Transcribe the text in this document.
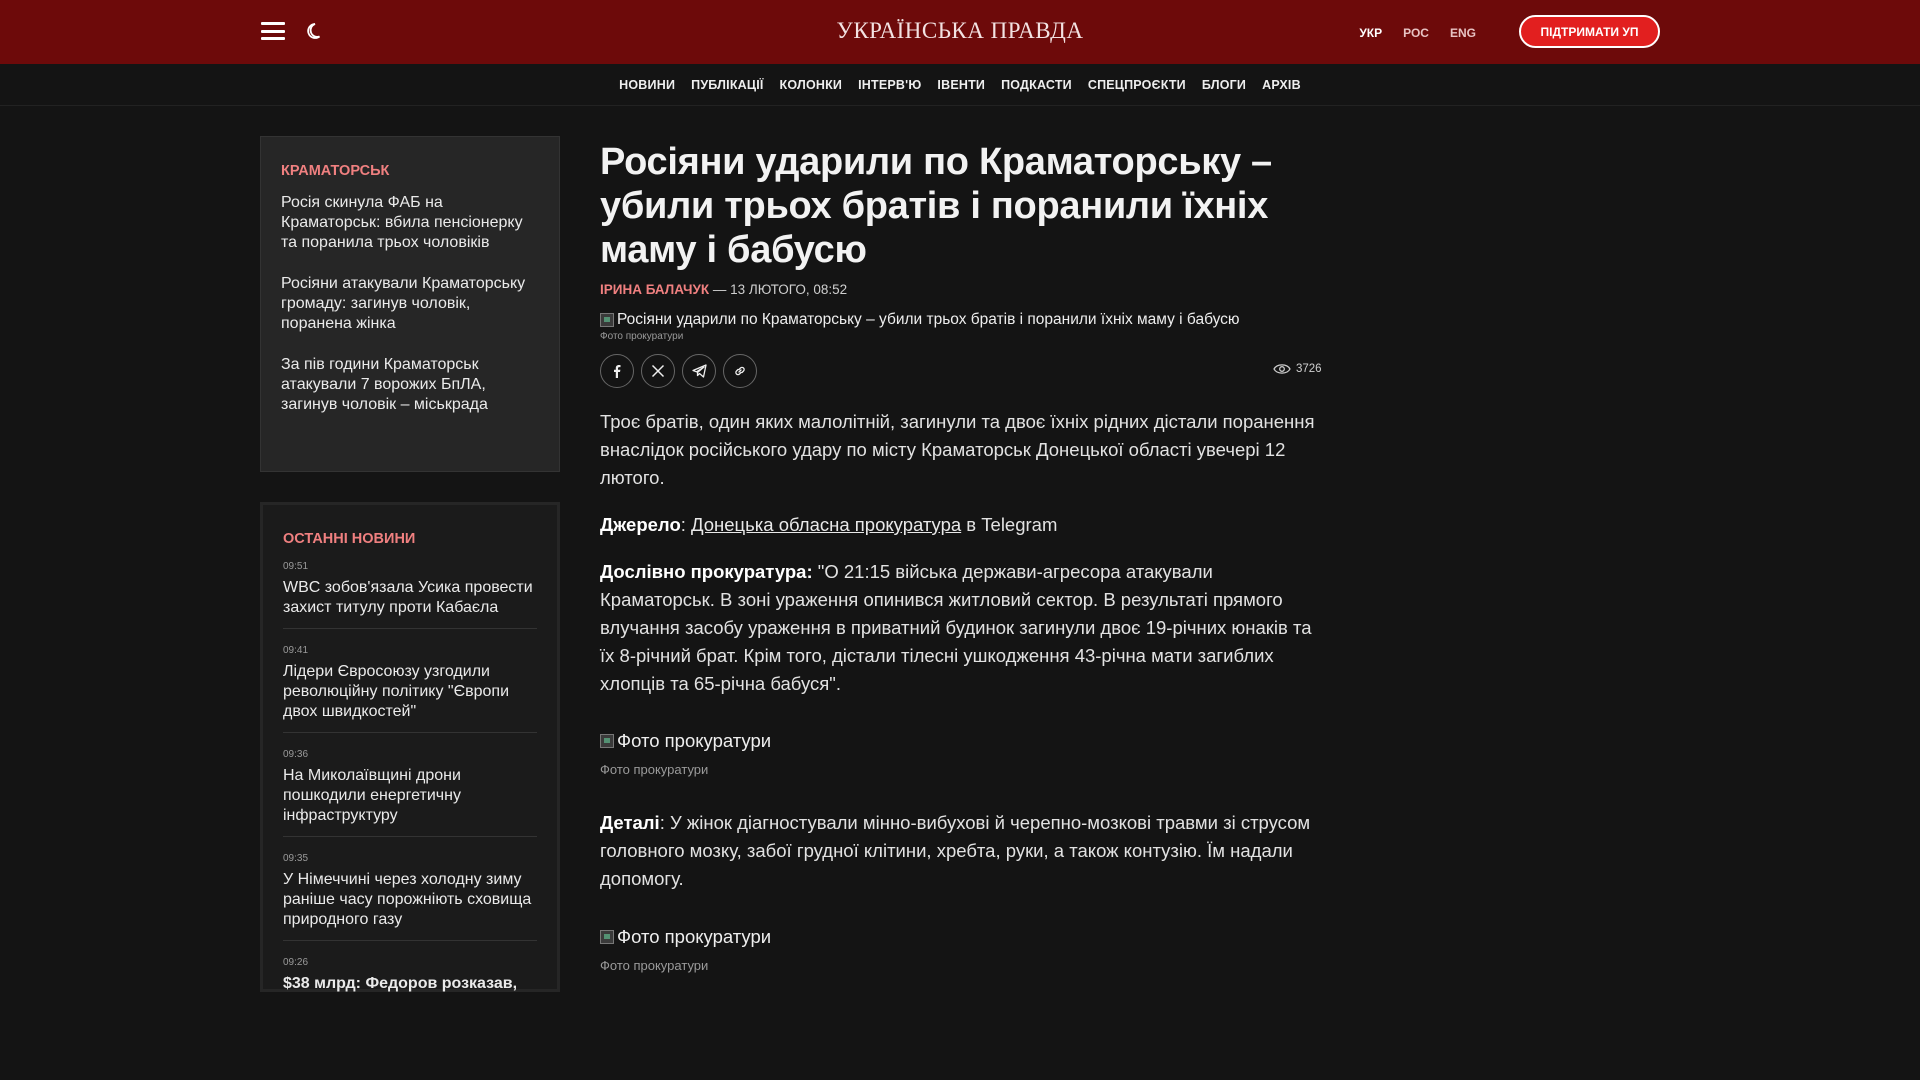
УКРАЇНСЬКА ПРАВДА	УКР РОС ENG	ПІДТРИМАТИ УП
НОВИНИ ПУБЛІКАЦІЇ КОЛОНКИ ІНТЕРВ'Ю ІВЕНТИ ПОДКАСТИ СПЕЦПРОЄКТИ БЛОГИ АРХІВ
КРАМАТОРСЬК
Росія скинула ФАБ на Краматорськ: вбила пенсіонерку та поранила трьох чоловіків
Росіяни атакували Краматорську громаду: загинув чоловік, поранена жінка
За пів години Краматорськ атакували 7 ворожих БпЛА, загинув чоловік – міськрада
ОСТАННІ НОВИНИ
09:51
WBC зобов'язала Усика провести захист титулу проти Кабаєла
09:41
Лідери Євросоюзу узгодили революційну політику "Європи двох швидкостей"
09:36
На Миколаївщині дрони пошкодили енергетичну інфраструктуру
09:35
У Німеччині через холодну зиму раніше часу порожніють сховища природного газу
09:26
$38 млрд: Федоров розказав,
Росіяни ударили по Краматорську – убили трьох братів і поранили їхніх маму і бабусю
ІРИНА БАЛАЧУК — 13 ЛЮТОГО, 08:52
Росіяни ударили по Краматорську – убили трьох братів і поранили їхніх маму і бабусю
Фото прокуратури
3726

Троє братів, один яких малолітній, загинули та двоє їхніх рідних дістали поранення внаслідок російського удару по місту Краматорськ Донецької області увечері 12 лютого.

Джерело: Донецька обласна прокуратура в Telegram

Дослівно прокуратура: "О 21:15 війська держави-агресора атакували Краматорськ. В зоні ураження опинився житловий сектор. В результаті прямого влучання засобу ураження в приватний будинок загинули двоє 19-річних юнаків та їх 8-річний брат. Крім того, дістали тілесні ушкодження 43-річна мати загиблих хлопців та 65-річна бабуся".

Фото прокуратури
Фото прокуратури

Деталі: У жінок діагностували мінно-вибухові й черепно-мозкові травми зі струсом головного мозку, забої грудної клітини, хребта, руки, а також контузію. Їм надали допомогу.

Фото прокуратури
Фото прокуратури
